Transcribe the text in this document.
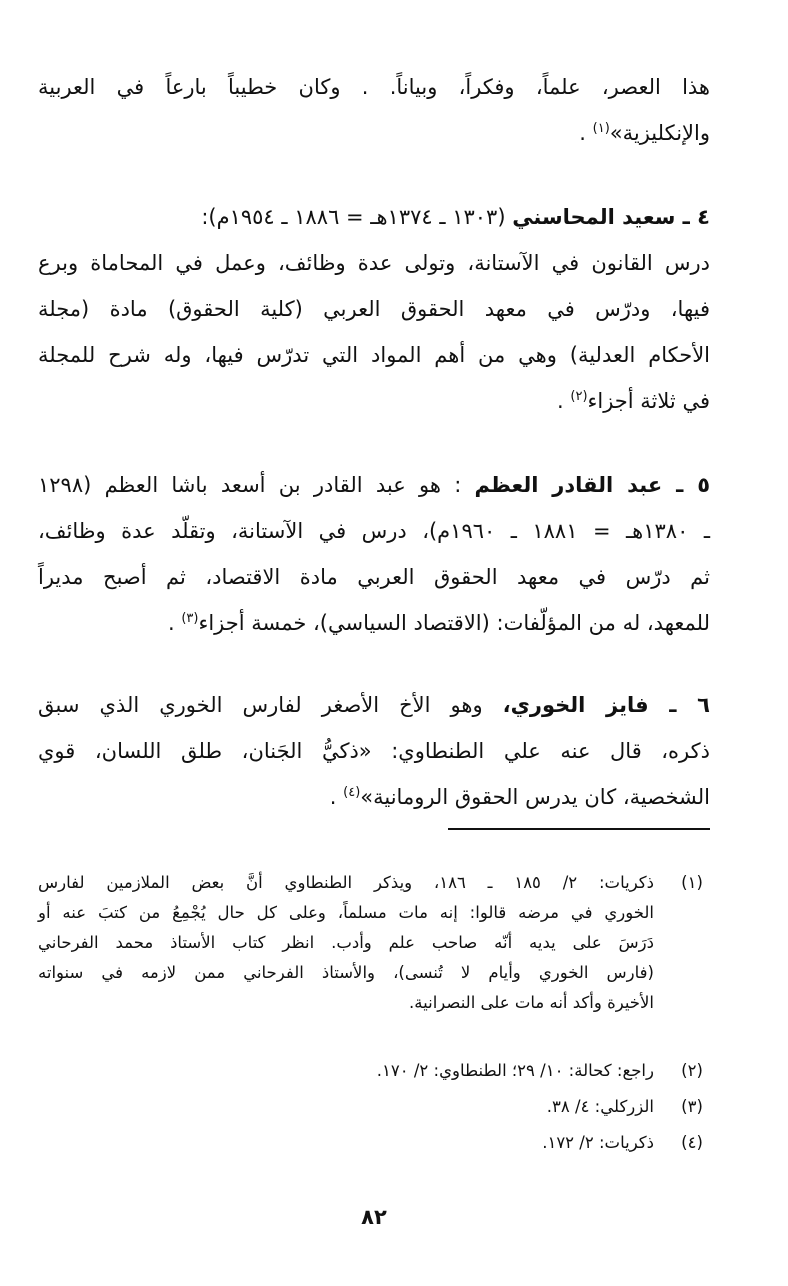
هذا العصر، علماً، وفكراً، وبياناً. . وكان خطيباً بارعاً في العربية
والإنكليزية»$^{(١)}$ .
٤ ـ سعيد المحاسني (١٣٠٣ ـ ١٣٧٤هـ = ١٨٨٦ ـ ١٩٥٤م):
درس القانون في الآستانة، وتولى عدة وظائف، وعمل في المحاماة وبرع
فيها، ودرّس في معهد الحقوق العربي (كلية الحقوق) مادة (مجلة
الأحكام العدلية) وهي من أهم المواد التي تدرّس فيها، وله شرح للمجلة
في ثلاثة أجزاء$^{(٢)}$ .
٥ ـ عبد القادر العظم : هو عبد القادر بن أسعد باشا العظم (١٢٩٨
ـ ١٣٨٠هـ = ١٨٨١ ـ ١٩٦٠م)، درس في الآستانة، وتقلّد عدة وظائف،
ثم درّس في معهد الحقوق العربي مادة الاقتصاد، ثم أصبح مديراً
للمعهد، له من المؤلّفات: (الاقتصاد السياسي)، خمسة أجزاء$^{(٣)}$ .
٦ ـ فايز الخوري، وهو الأخ الأصغر لفارس الخوري الذي سبق
ذكره، قال عنه علي الطنطاوي: «ذكيُّ الجَنان، طلق اللسان، قوي
الشخصية، كان يدرس الحقوق الرومانية»$^{(٤)}$ .
(١)
ذكريات: ٢/ ١٨٥ ـ ١٨٦، ويذكر الطنطاوي أنَّ بعض الملازمين لفارس
الخوري في مرضه قالوا: إنه مات مسلماً، وعلى كل حال يُجْمِعُ من كتبَ عنه أو
دَرَسَ على يديه أنّه صاحب علم وأدب. انظر كتاب الأستاذ محمد الفرحاني
(فارس الخوري وأيام لا تُنسى)، والأستاذ الفرحاني ممن لازمه في سنواته
الأخيرة وأكد أنه مات على النصرانية.
(٢)
راجع: كحالة: ١٠/ ٢٩؛ الطنطاوي: ٢/ ١٧٠.
(٣)
الزركلي: ٤/ ٣٨.
(٤)
ذكريات: ٢/ ١٧٢.
٨٢
